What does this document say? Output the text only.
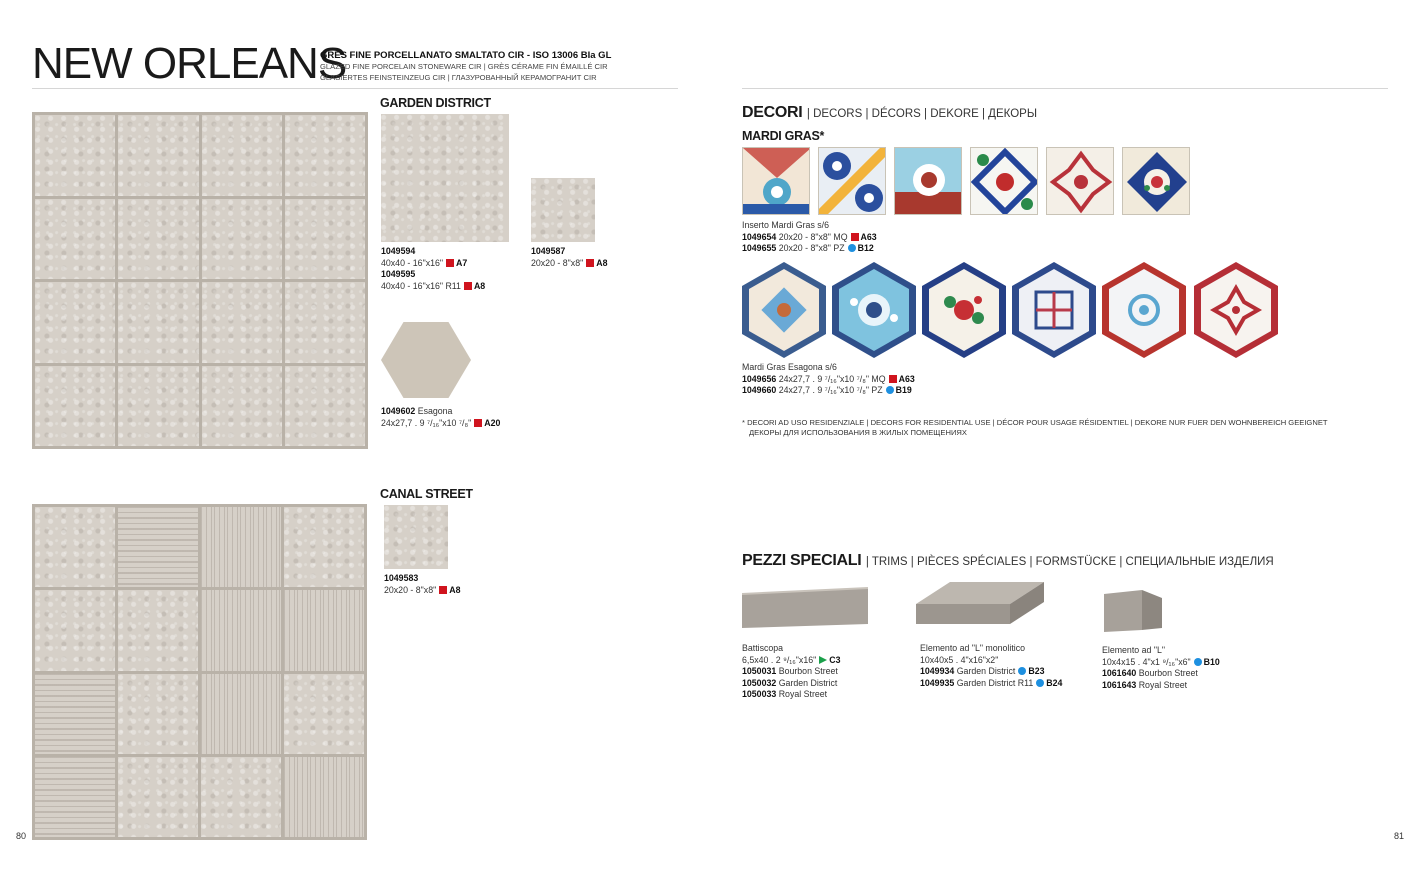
NEW ORLEANS
GRES FINE PORCELLANATO SMALTATO CIR - ISO 13006 BIa GL
GLAZED FINE PORCELAIN STONEWARE CIR | GRÈS CÉRAME FIN ÉMAILLÉ CIR
GLASIERTES FEINSTEINZEUG CIR | ГЛАЗУРОВАННЫЙ КЕРАМОГРАНИТ CIR
GARDEN DISTRICT
1049594
40x40 - 16"x16" A7
1049595
40x40 - 16"x16" R11 A8
1049587
20x20 - 8"x8" A8
1049602 Esagona
24x27,7 . 9 ⁷/₁₆"x10 ⁷/₈" A20
CANAL STREET
1049583
20x20 - 8"x8" A8
80
DECORI | DECORS | DÉCORS | DEKORE | ДЕКОРЫ
MARDI GRAS*
Inserto Mardi Gras s/6
1049654 20x20 - 8"x8" MQ A63
1049655 20x20 - 8"x8" PZ B12
Mardi Gras Esagona s/6
1049656 24x27,7 . 9 ⁷/₁₆"x10 ⁷/₈" MQ A63
1049660 24x27,7 . 9 ⁷/₁₆"x10 ⁷/₈" PZ B19
* DECORI AD USO RESIDENZIALE | DECORS FOR RESIDENTIAL USE | DÉCOR POUR USAGE RÉSIDENTIEL | DEKORE NUR FUER DEN WOHNBEREICH GEEIGNET
ДЕКОРЫ ДЛЯ ИСПОЛЬЗОВАНИЯ В ЖИЛЫХ ПОМЕЩЕНИЯХ
PEZZI SPECIALI | TRIMS | PIÈCES SPÉCIALES | FORMSTÜCKE | СПЕЦИАЛЬНЫЕ ИЗДЕЛИЯ
Battiscopa
6,5x40 . 2 ⁹/₁₆"x16" C3
1050031 Bourbon Street
1050032 Garden District
1050033 Royal Street
Elemento ad "L" monolitico
10x40x5 . 4"x16"x2"
1049934 Garden District B23
1049935 Garden District R11 B24
Elemento ad "L"
10x4x15 . 4"x1 ⁹/₁₆"x6" B10
1061640 Bourbon Street
1061643 Royal Street
81
